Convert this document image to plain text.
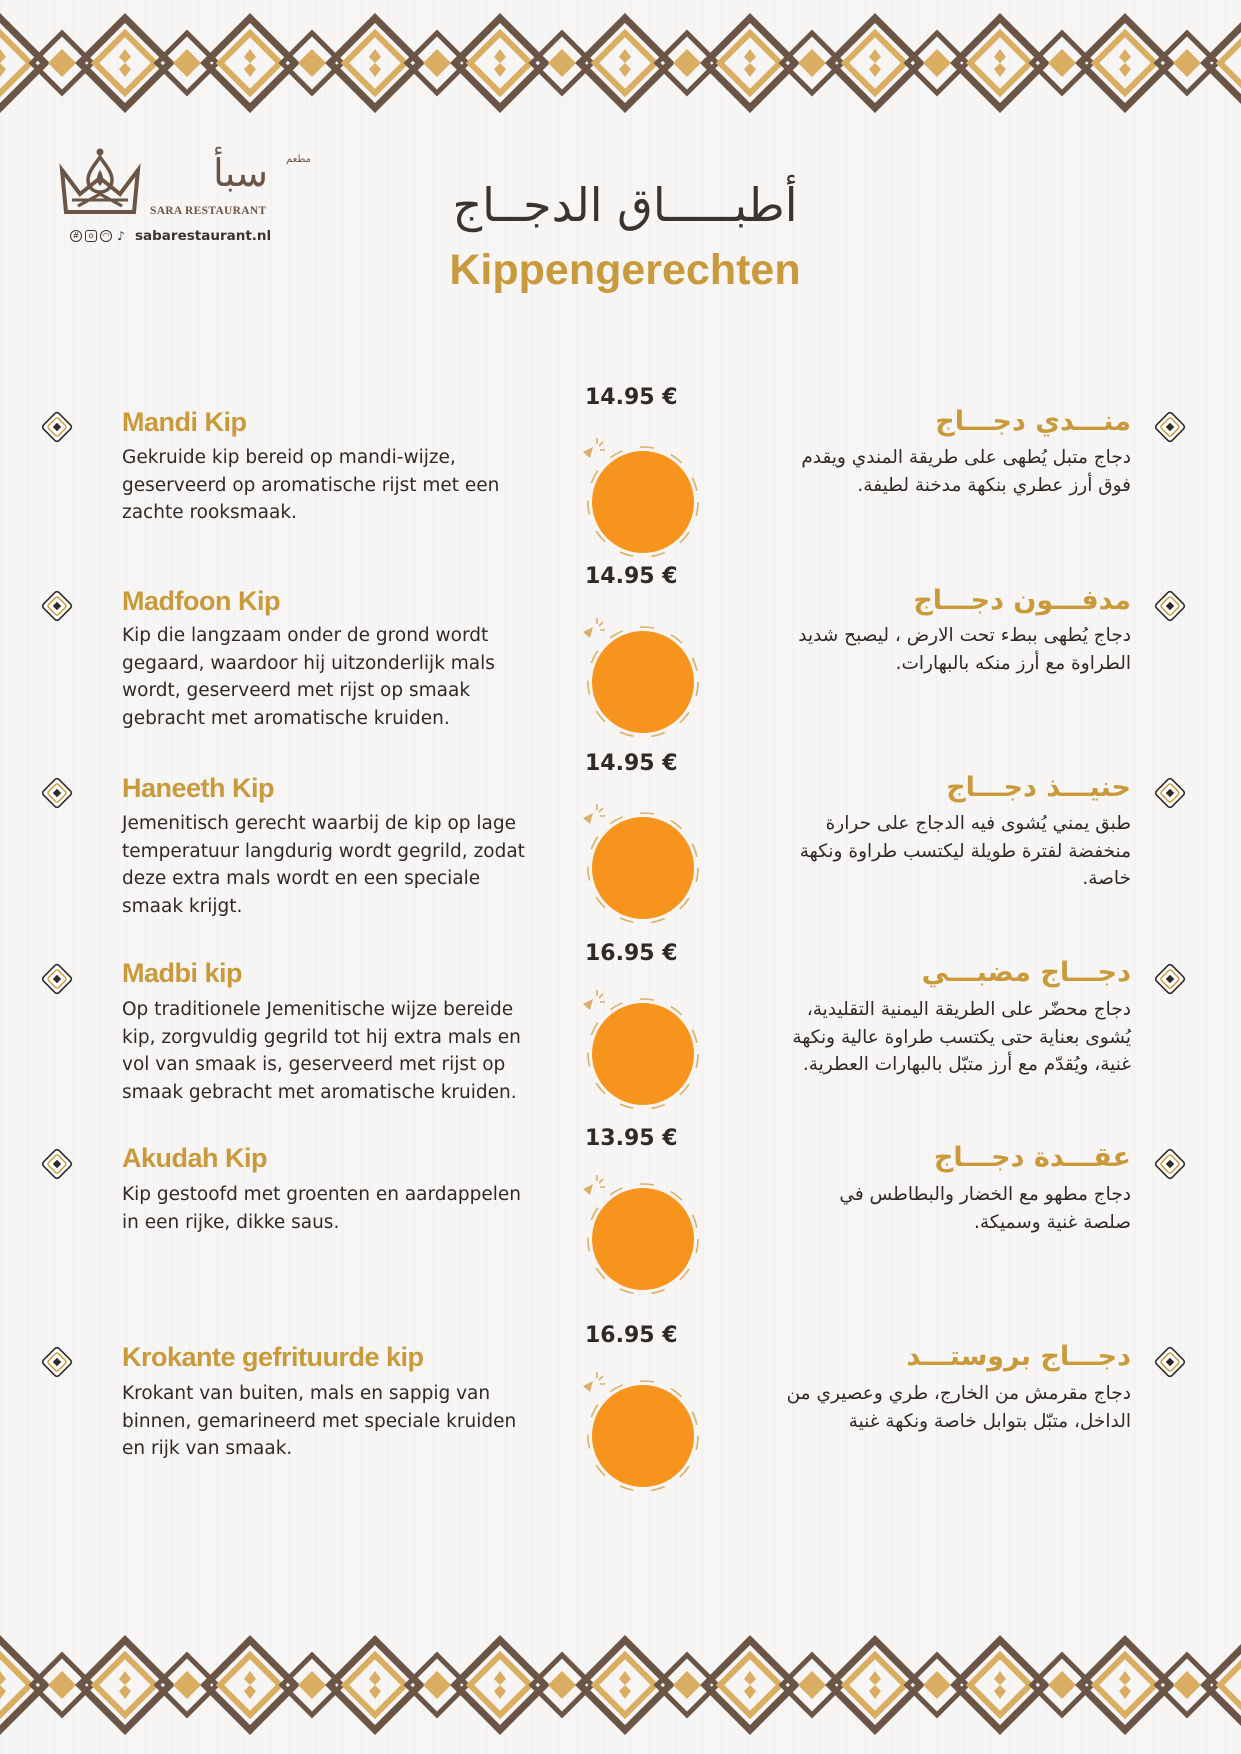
سبأ مطعم
SARA RESTAURANT
#	o	◠ ♪ sabarestaurant.nl
أطبـــــاق الدجــاج
Kippengerechten
Mandi Kip
Gekruide kip bereid op mandi-wijze, geserveerd op aromatische rijst met een zachte rooksmaak.
14.95 €
منـــدي دجـــاج
دجاج متبل يُطهى على طريقة المندي ويقدم فوق أرز عطري بنكهة مدخنة لطيفة.
Madfoon Kip
Kip die langzaam onder de grond wordt gegaard, waardoor hij uitzonderlijk mals wordt, geserveerd met rijst op smaak gebracht met aromatische kruiden.
14.95 €
مدفـــون دجـــاج
دجاج يُطهى ببطء تحت الارض ، ليصبح شديد الطراوة مع أرز منكه بالبهارات.
Haneeth Kip
Jemenitisch gerecht waarbij de kip op lage temperatuur langdurig wordt gegrild, zodat deze extra mals wordt en een speciale smaak krijgt.
14.95 €
حنيـــذ دجـــاج
طبق يمني يُشوى فيه الدجاج على حرارة منخفضة لفترة طويلة ليكتسب طراوة ونكهة خاصة.
Madbi kip
Op traditionele Jemenitische wijze bereide kip, zorgvuldig gegrild tot hij extra mals en vol van smaak is, geserveerd met rijst op smaak gebracht met aromatische kruiden.
16.95 €
دجـــاج مضبـــي
دجاج محضّر على الطريقة اليمنية التقليدية، يُشوى بعناية حتى يكتسب طراوة عالية ونكهة غنية، ويُقدّم مع أرز متبّل بالبهارات العطرية.
Akudah Kip
Kip gestoofd met groenten en aardappelen in een rijke, dikke saus.
13.95 €
عقـــدة دجـــاج
دجاج مطهو مع الخضار والبطاطس في صلصة غنية وسميكة.
Krokante gefrituurde kip
Krokant van buiten, mals en sappig van binnen, gemarineerd met speciale kruiden en rijk van smaak.
16.95 €
دجـــاج بروستـــد
دجاج مقرمش من الخارج، طري وعصيري من الداخل، متبّل بتوابل خاصة ونكهة غنية
